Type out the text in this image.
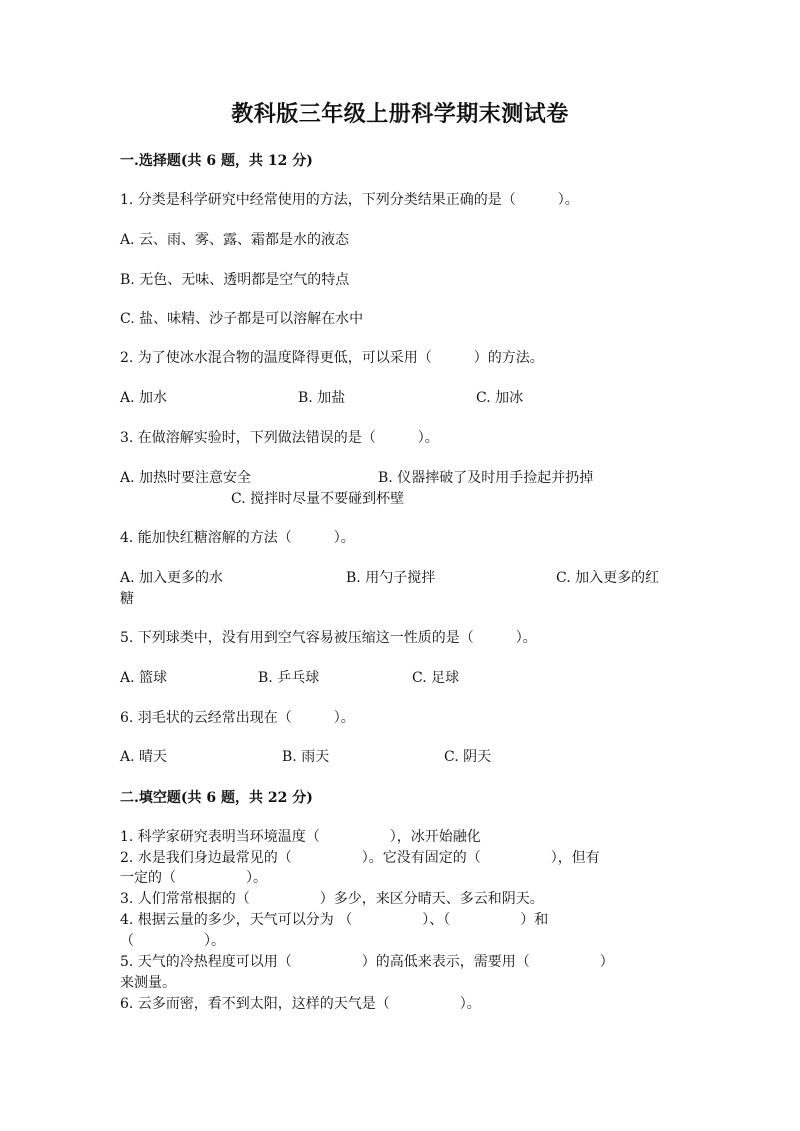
教科版三年级上册科学期末测试卷
一.选择题(共 6 题，共 12 分)
1. 分类是科学研究中经常使用的方法，下列分类结果正确的是（　　　）。
A. 云、雨、雾、露、霜都是水的液态
B. 无色、无味、透明都是空气的特点
C. 盐、味精、沙子都是可以溶解在水中
2. 为了使冰水混合物的温度降得更低，可以采用（　　　）的方法。
A. 加水	B. 加盐	C. 加冰
3. 在做溶解实验时，下列做法错误的是（　　　）。
A. 加热时要注意安全	B. 仪器摔破了及时用手捡起并扔掉
C. 搅拌时尽量不要碰到杯壁
4. 能加快红糖溶解的方法（　　　）。
A. 加入更多的水	B. 用勺子搅拌	C. 加入更多的红
糖
5. 下列球类中，没有用到空气容易被压缩这一性质的是（　　　）。
A. 篮球	B. 乒乓球	C. 足球
6. 羽毛状的云经常出现在（　　　）。
A. 晴天	B. 雨天	C. 阴天
二.填空题(共 6 题，共 22 分)
1. 科学家研究表明当环境温度（　　　　　），冰开始融化
2. 水是我们身边最常见的（　　　　　）。它没有固定的（　　　　　），但有
一定的（　　　　　）。
3. 人们常常根据的（　　　　　）多少，来区分晴天、多云和阴天。
4. 根据云量的多少，天气可以分为 （　　　　　）、（　　　　　）和
（　　　　　）。
5. 天气的冷热程度可以用（　　　　　）的高低来表示，需要用（　　　　　）
来测量。
6. 云多而密，看不到太阳，这样的天气是（　　　　　）。
